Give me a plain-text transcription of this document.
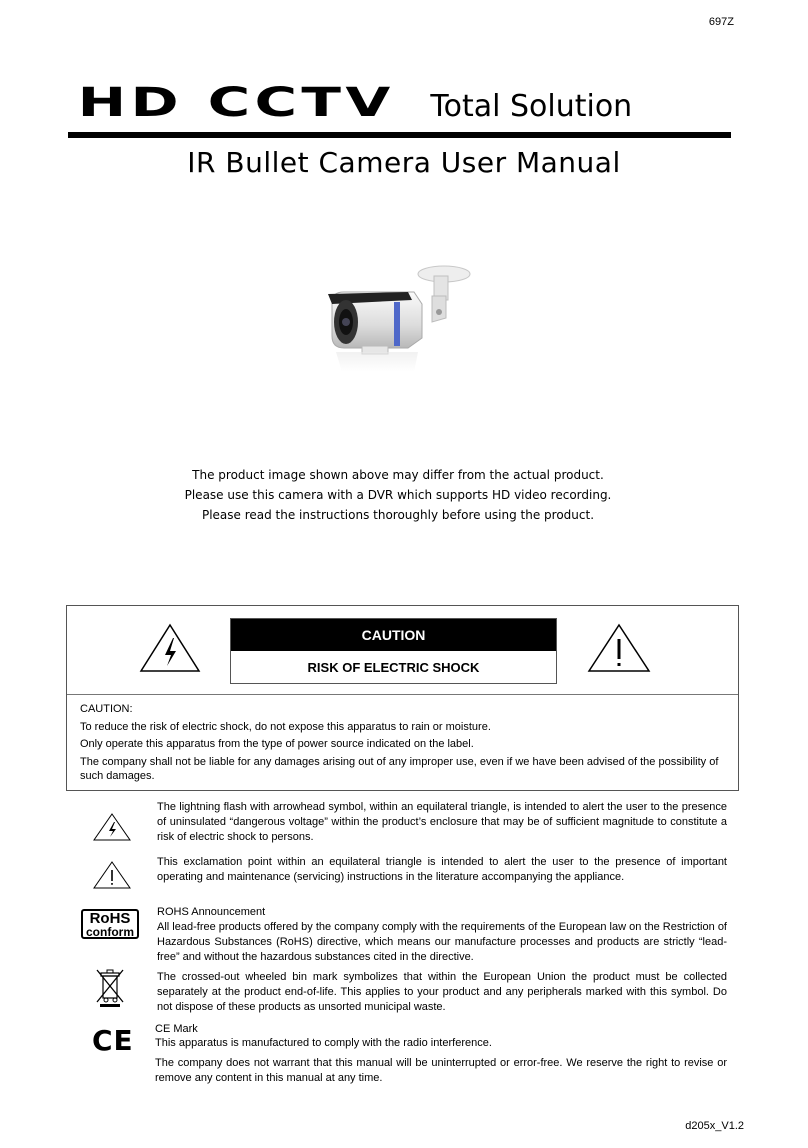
697Z
HD CCTV Total Solution
IR Bullet Camera User Manual
The product image shown above may differ from the actual product.
Please use this camera with a DVR which supports HD video recording.
Please read the instructions thoroughly before using the product.
CAUTION
RISK OF ELECTRIC SHOCK
CAUTION:
To reduce the risk of electric shock, do not expose this apparatus to rain or moisture.
Only operate this apparatus from the type of power source indicated on the label.
The company shall not be liable for any damages arising out of any improper use, even if we have been advised of the possibility of such damages.
The lightning flash with arrowhead symbol, within an equilateral triangle, is intended to alert the user to the presence of uninsulated “dangerous voltage” within the product’s enclosure that may be of sufficient magnitude to constitute a risk of electric shock to persons.
This exclamation point within an equilateral triangle is intended to alert the user to the presence of important operating and maintenance (servicing) instructions in the literature accompanying the appliance.
RoHS
conform
ROHS Announcement
All lead-free products offered by the company comply with the requirements of the European law on the Restriction of Hazardous Substances (RoHS) directive, which means our manufacture processes and products are strictly “lead-free” and without the hazardous substances cited in the directive.
The crossed-out wheeled bin mark symbolizes that within the European Union the product must be collected separately at the product end-of-life. This applies to your product and any peripherals marked with this symbol. Do not dispose of these products as unsorted municipal waste.
CE CE Mark
This apparatus is manufactured to comply with the radio interference.
The company does not warrant that this manual will be uninterrupted or error-free. We reserve the right to revise or remove any content in this manual at any time.
d205x_V1.2
